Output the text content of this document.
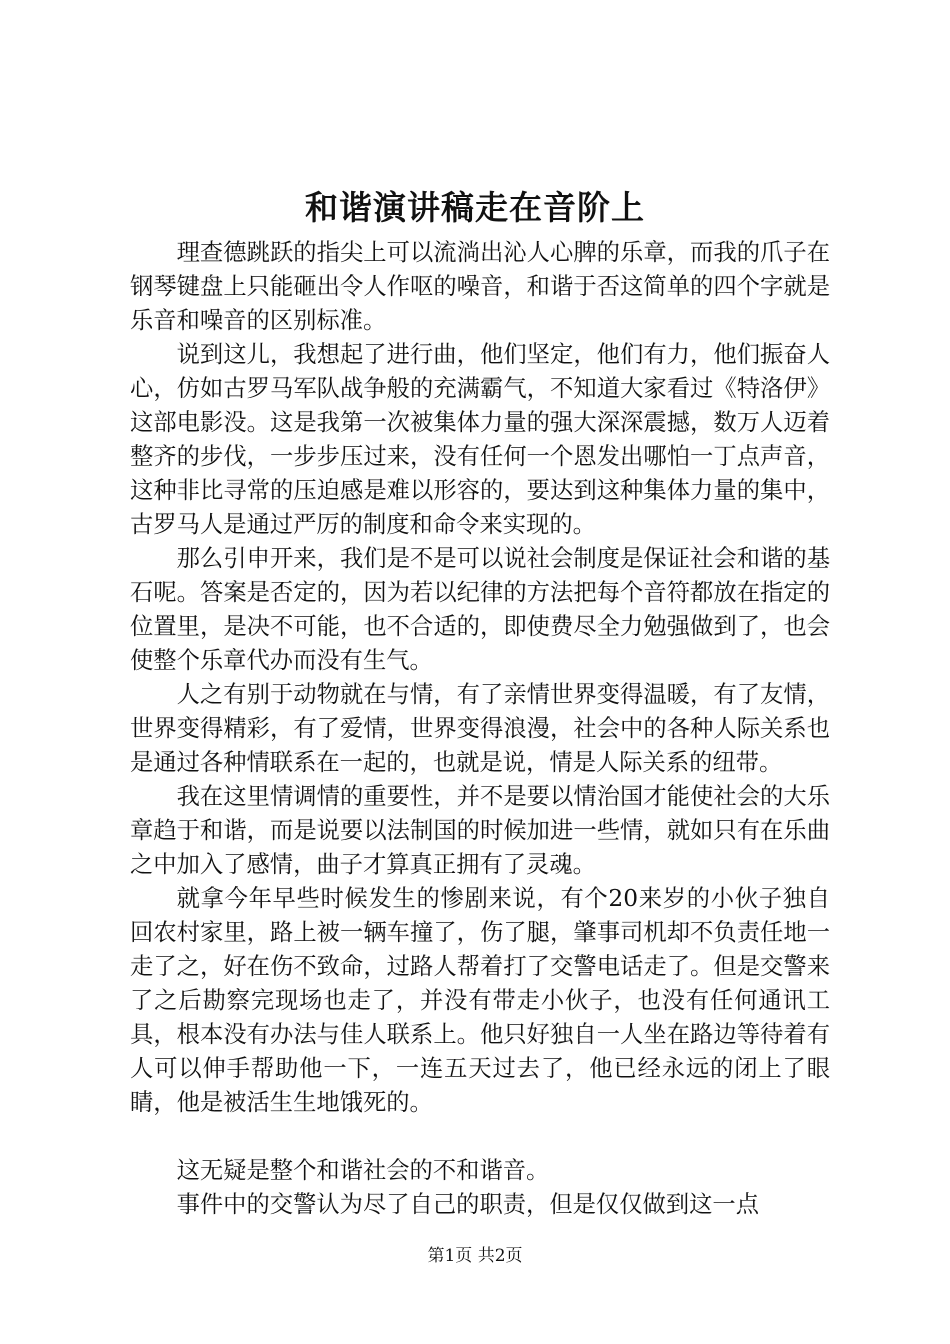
和谐演讲稿走在音阶上

理查德跳跃的指尖上可以流淌出沁人心脾的乐章，而我的爪子在钢琴键盘上只能砸出令人作呕的噪音，和谐于否这简单的四个字就是乐音和噪音的区别标准。

说到这儿，我想起了进行曲，他们坚定，他们有力，他们振奋人心，仿如古罗马军队战争般的充满霸气，不知道大家看过《特洛伊》这部电影没。这是我第一次被集体力量的强大深深震撼，数万人迈着整齐的步伐，一步步压过来，没有任何一个恩发出哪怕一丁点声音，这种非比寻常的压迫感是难以形容的，要达到这种集体力量的集中，古罗马人是通过严厉的制度和命令来实现的。

那么引申开来，我们是不是可以说社会制度是保证社会和谐的基石呢。答案是否定的，因为若以纪律的方法把每个音符都放在指定的位置里，是决不可能，也不合适的，即使费尽全力勉强做到了，也会使整个乐章代办而没有生气。

人之有别于动物就在与情，有了亲情世界变得温暖，有了友情，世界变得精彩，有了爱情，世界变得浪漫，社会中的各种人际关系也是通过各种情联系在一起的，也就是说，情是人际关系的纽带。

我在这里情调情的重要性，并不是要以情治国才能使社会的大乐章趋于和谐，而是说要以法制国的时候加进一些情，就如只有在乐曲之中加入了感情，曲子才算真正拥有了灵魂。

就拿今年早些时候发生的惨剧来说，有个20来岁的小伙子独自回农村家里，路上被一辆车撞了，伤了腿，肇事司机却不负责任地一走了之，好在伤不致命，过路人帮着打了交警电话走了。但是交警来了之后勘察完现场也走了，并没有带走小伙子，也没有任何通讯工具，根本没有办法与佳人联系上。他只好独自一人坐在路边等待着有人可以伸手帮助他一下，一连五天过去了，他已经永远的闭上了眼睛，他是被活生生地饿死的。

这无疑是整个和谐社会的不和谐音。

事件中的交警认为尽了自己的职责，但是仅仅做到这一点

第1页 共2页
